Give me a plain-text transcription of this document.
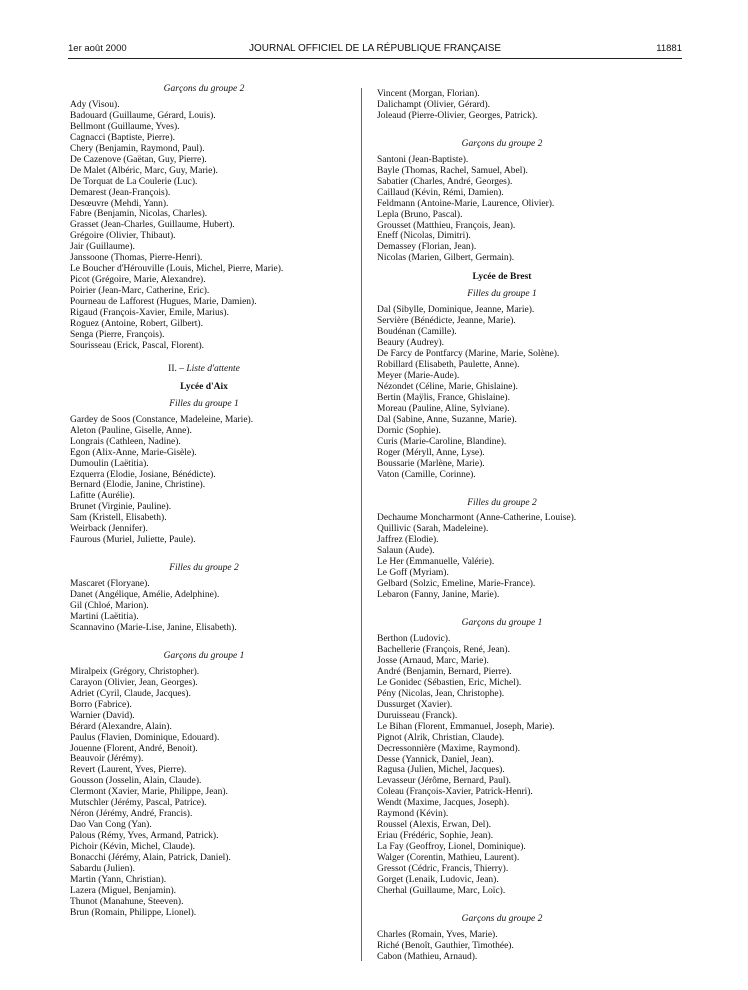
1er août 2000	JOURNAL OFFICIEL DE LA RÉPUBLIQUE FRANÇAISE	11881
Garçons du groupe 2
Ady (Visou).
Badouard (Guillaume, Gérard, Louis).
Bellmont (Guillaume, Yves).
Cagnacci (Baptiste, Pierre).
Chery (Benjamin, Raymond, Paul).
De Cazenove (Gaëtan, Guy, Pierre).
De Malet (Albéric, Marc, Guy, Marie).
De Torquat de La Coulerie (Luc).
Demarest (Jean-François).
Desœuvre (Mehdi, Yann).
Fabre (Benjamin, Nicolas, Charles).
Grasset (Jean-Charles, Guillaume, Hubert).
Grégoire (Olivier, Thibaut).
Jair (Guillaume).
Janssoone (Thomas, Pierre-Henri).
Le Boucher d'Hérouville (Louis, Michel, Pierre, Marie).
Picot (Grégoire, Marie, Alexandre).
Poirier (Jean-Marc, Catherine, Eric).
Pourneau de Lafforest (Hugues, Marie, Damien).
Rigaud (François-Xavier, Emile, Marius).
Roguez (Antoine, Robert, Gilbert).
Senga (Pierre, François).
Sourisseau (Erick, Pascal, Florent).
II. – Liste d'attente
Lycée d'Aix
Filles du groupe 1
Gardey de Soos (Constance, Madeleine, Marie).
Aleton (Pauline, Giselle, Anne).
Longrais (Cathleen, Nadine).
Egon (Alix-Anne, Marie-Gisèle).
Dumoulin (Laëtitia).
Ezquerra (Elodie, Josiane, Bénédicte).
Bernard (Elodie, Janine, Christine).
Lafitte (Aurélie).
Brunet (Virginie, Pauline).
Sam (Kristell, Elisabeth).
Weirback (Jennifer).
Faurous (Muriel, Juliette, Paule).
Filles du groupe 2
Mascaret (Floryane).
Danet (Angélique, Amélie, Adelphine).
Gil (Chloé, Marion).
Martini (Laëtitia).
Scannavino (Marie-Lise, Janine, Elisabeth).
Garçons du groupe 1
Miralpeix (Grégory, Christopher).
Carayon (Olivier, Jean, Georges).
Adriet (Cyril, Claude, Jacques).
Borro (Fabrice).
Warnier (David).
Bérard (Alexandre, Alain).
Paulus (Flavien, Dominique, Edouard).
Jouenne (Florent, André, Benoit).
Beauvoir (Jérémy).
Revert (Laurent, Yves, Pierre).
Gousson (Josselin, Alain, Claude).
Clermont (Xavier, Marie, Philippe, Jean).
Mutschler (Jérémy, Pascal, Patrice).
Néron (Jérémy, André, Francis).
Dao Van Cong (Yan).
Palous (Rémy, Yves, Armand, Patrick).
Pichoir (Kévin, Michel, Claude).
Bonacchi (Jérémy, Alain, Patrick, Daniel).
Sabardu (Julien).
Martin (Yann, Christian).
Lazera (Miguel, Benjamin).
Thunot (Manahune, Steeven).
Brun (Romain, Philippe, Lionel).
Vincent (Morgan, Florian).
Dalichampt (Olivier, Gérard).
Joleaud (Pierre-Olivier, Georges, Patrick).
Garçons du groupe 2
Santoni (Jean-Baptiste).
Bayle (Thomas, Rachel, Samuel, Abel).
Sabatier (Charles, André, Georges).
Caillaud (Kévin, Rémi, Damien).
Feldmann (Antoine-Marie, Laurence, Olivier).
Lepla (Bruno, Pascal).
Grousset (Matthieu, François, Jean).
Eneff (Nicolas, Dimitri).
Demassey (Florian, Jean).
Nicolas (Marien, Gilbert, Germain).
Lycée de Brest
Filles du groupe 1
Dal (Sibylle, Dominique, Jeanne, Marie).
Servière (Bénédicte, Jeanne, Marie).
Boudénan (Camille).
Beaury (Audrey).
De Farcy de Pontfarcy (Marine, Marie, Solène).
Robillard (Elisabeth, Paulette, Anne).
Meyer (Marie-Aude).
Nézondet (Céline, Marie, Ghislaine).
Bertin (Maÿlis, France, Ghislaine).
Moreau (Pauline, Aline, Sylviane).
Dal (Sabine, Anne, Suzanne, Marie).
Dornic (Sophie).
Curis (Marie-Caroline, Blandine).
Roger (Méryll, Anne, Lyse).
Boussarie (Marlène, Marie).
Vaton (Camille, Corinne).
Filles du groupe 2
Dechaume Moncharmont (Anne-Catherine, Louise).
Quillivic (Sarah, Madeleine).
Jaffrez (Elodie).
Salaun (Aude).
Le Her (Emmanuelle, Valérie).
Le Goff (Myriam).
Gelbard (Solzic, Emeline, Marie-France).
Lebaron (Fanny, Janine, Marie).
Garçons du groupe 1
Berthon (Ludovic).
Bachellerie (François, René, Jean).
Josse (Arnaud, Marc, Marie).
André (Benjamin, Bernard, Pierre).
Le Gonidec (Sébastien, Eric, Michel).
Pény (Nicolas, Jean, Christophe).
Dussurget (Xavier).
Duruisseau (Franck).
Le Bihan (Florent, Emmanuel, Joseph, Marie).
Pignot (Alrik, Christian, Claude).
Decressonnière (Maxime, Raymond).
Desse (Yannick, Daniel, Jean).
Ragusa (Julien, Michel, Jacques).
Levasseur (Jérôme, Bernard, Paul).
Coleau (François-Xavier, Patrick-Henri).
Wendt (Maxime, Jacques, Joseph).
Raymond (Kévin).
Roussel (Alexis, Erwan, Del).
Eriau (Frédéric, Sophie, Jean).
La Fay (Geoffroy, Lionel, Dominique).
Walger (Corentin, Mathieu, Laurent).
Gressot (Cédric, Francis, Thierry).
Gorget (Lenaik, Ludovic, Jean).
Cherhal (Guillaume, Marc, Loïc).
Garçons du groupe 2
Charles (Romain, Yves, Marie).
Riché (Benoît, Gauthier, Timothée).
Cabon (Mathieu, Arnaud).
